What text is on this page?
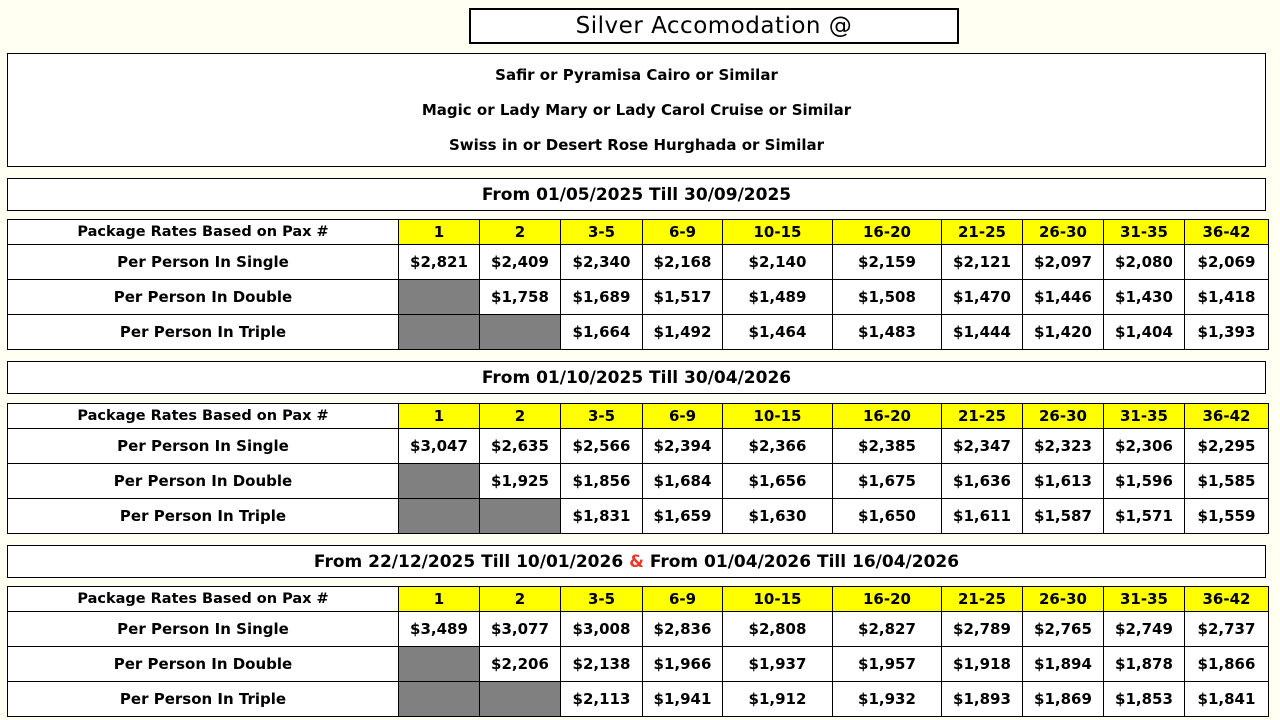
Silver Accomodation @
Safir or Pyramisa Cairo or Similar
Magic or Lady Mary or Lady Carol Cruise or Similar
Swiss in or Desert Rose Hurghada or Similar
From 01/05/2025 Till 30/09/2025
Package Rates Based on Pax #	1	2	3-5	6-9	10-15	16-20	21-25	26-30	31-35	36-42
Per Person In Single	$2,821	$2,409	$2,340	$2,168	$2,140	$2,159	$2,121	$2,097	$2,080	$2,069
Per Person In Double		$1,758	$1,689	$1,517	$1,489	$1,508	$1,470	$1,446	$1,430	$1,418
Per Person In Triple			$1,664	$1,492	$1,464	$1,483	$1,444	$1,420	$1,404	$1,393
From 01/10/2025 Till 30/04/2026
Package Rates Based on Pax #	1	2	3-5	6-9	10-15	16-20	21-25	26-30	31-35	36-42
Per Person In Single	$3,047	$2,635	$2,566	$2,394	$2,366	$2,385	$2,347	$2,323	$2,306	$2,295
Per Person In Double		$1,925	$1,856	$1,684	$1,656	$1,675	$1,636	$1,613	$1,596	$1,585
Per Person In Triple			$1,831	$1,659	$1,630	$1,650	$1,611	$1,587	$1,571	$1,559
From 22/12/2025 Till 10/01/2026 & From 01/04/2026 Till 16/04/2026
Package Rates Based on Pax #	1	2	3-5	6-9	10-15	16-20	21-25	26-30	31-35	36-42
Per Person In Single	$3,489	$3,077	$3,008	$2,836	$2,808	$2,827	$2,789	$2,765	$2,749	$2,737
Per Person In Double		$2,206	$2,138	$1,966	$1,937	$1,957	$1,918	$1,894	$1,878	$1,866
Per Person In Triple			$2,113	$1,941	$1,912	$1,932	$1,893	$1,869	$1,853	$1,841
